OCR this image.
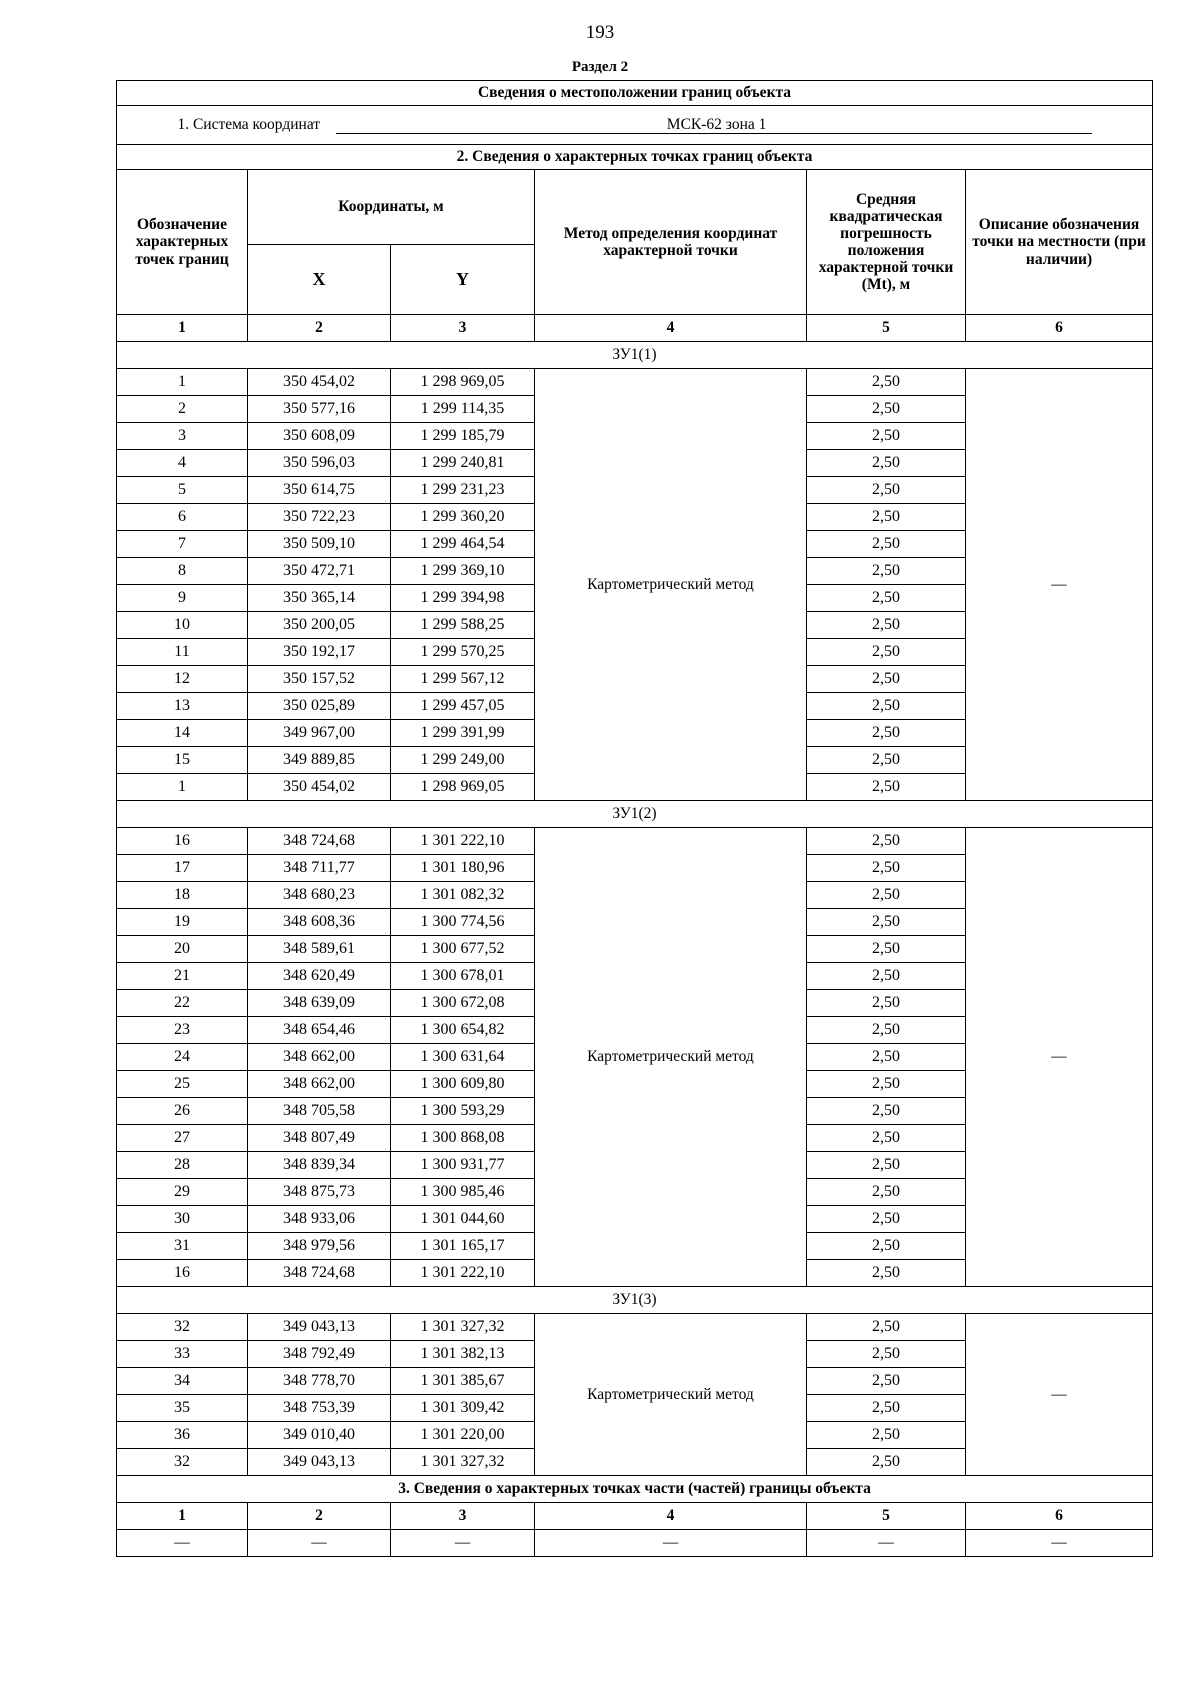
193
Раздел 2
Сведения о местоположении границ объекта					
1. Система координат МСК-62 зона 1					
2. Сведения о характерных точках границ объекта					
Обозначение характерных точек границ	Координаты, м		Метод определения координат характерной точки	Средняя квадратическая погрешность положения характерной точки (Mt), м	Описание обозначения точки на местности (при наличии)
	X	Y			
1	2	3	4	5	6
ЗУ1(1)					
1	350 454,02	1 298 969,05	Картометрический метод	2,50	—
2	350 577,16	1 299 114,35		2,50	
3	350 608,09	1 299 185,79		2,50	
4	350 596,03	1 299 240,81		2,50	
5	350 614,75	1 299 231,23		2,50	
6	350 722,23	1 299 360,20		2,50	
7	350 509,10	1 299 464,54		2,50	
8	350 472,71	1 299 369,10		2,50	
9	350 365,14	1 299 394,98		2,50	
10	350 200,05	1 299 588,25		2,50	
11	350 192,17	1 299 570,25		2,50	
12	350 157,52	1 299 567,12		2,50	
13	350 025,89	1 299 457,05		2,50	
14	349 967,00	1 299 391,99		2,50	
15	349 889,85	1 299 249,00		2,50	
1	350 454,02	1 298 969,05		2,50	
ЗУ1(2)					
16	348 724,68	1 301 222,10	Картометрический метод	2,50	—
17	348 711,77	1 301 180,96		2,50	
18	348 680,23	1 301 082,32		2,50	
19	348 608,36	1 300 774,56		2,50	
20	348 589,61	1 300 677,52		2,50	
21	348 620,49	1 300 678,01		2,50	
22	348 639,09	1 300 672,08		2,50	
23	348 654,46	1 300 654,82		2,50	
24	348 662,00	1 300 631,64		2,50	
25	348 662,00	1 300 609,80		2,50	
26	348 705,58	1 300 593,29		2,50	
27	348 807,49	1 300 868,08		2,50	
28	348 839,34	1 300 931,77		2,50	
29	348 875,73	1 300 985,46		2,50	
30	348 933,06	1 301 044,60		2,50	
31	348 979,56	1 301 165,17		2,50	
16	348 724,68	1 301 222,10		2,50	
ЗУ1(3)					
32	349 043,13	1 301 327,32	Картометрический метод	2,50	—
33	348 792,49	1 301 382,13		2,50	
34	348 778,70	1 301 385,67		2,50	
35	348 753,39	1 301 309,42		2,50	
36	349 010,40	1 301 220,00		2,50	
32	349 043,13	1 301 327,32		2,50	
3. Сведения о характерных точках части (частей) границы объекта					
1	2	3	4	5	6
—	—	—	—	—	—
